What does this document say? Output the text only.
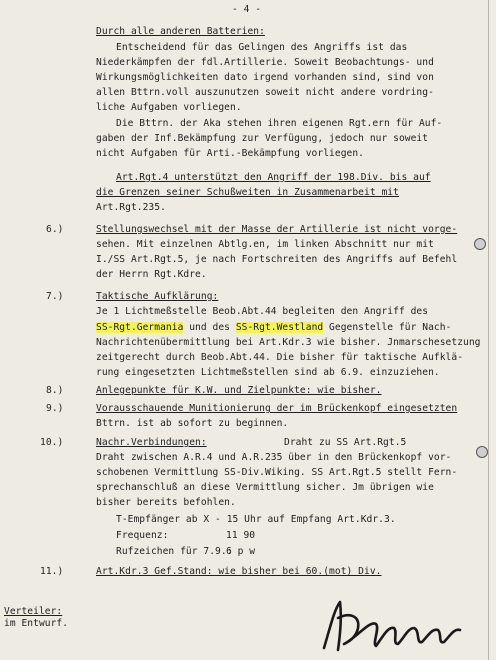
- 4 -
Durch alle anderen Batterien:
Entscheidend für das Gelingen des Angriffs ist das
Niederkämpfen der fdl.Artillerie. Soweit Beobachtungs- und
Wirkungsmöglichkeiten dato irgend vorhanden sind, sind von
allen Bttrn.voll auszunutzen soweit nicht andere vordring-
liche Aufgaben vorliegen.
Die Bttrn. der Aka stehen ihren eigenen Rgt.ern für Auf-
gaben der Inf.Bekämpfung zur Verfügung, jedoch nur soweit
nicht Aufgaben für Arti.-Bekämpfung vorliegen.
Art.Rgt.4 unterstützt den Angriff der 198.Div. bis auf
die Grenzen seiner Schußweiten in Zusammenarbeit mit
Art.Rgt.235.
6.)	Stellungswechsel mit der Masse der Artillerie ist nicht vorge-
sehen. Mit einzelnen Abtlg.en, im linken Abschnitt nur mit
I./SS Art.Rgt.5, je nach Fortschreiten des Angriffs auf Befehl
der Herrn Rgt.Kdre.
7.)	Taktische Aufklärung:
Je 1 Lichtmeßstelle Beob.Abt.44 begleiten den Angriff des
Nachrichtenübermittlung bei Art.Kdr.3 wie bisher. Jnmarschesetzung
zeitgerecht durch Beob.Abt.44. Die bisher für taktische Aufklä-
rung eingesetzten Lichtmeßstellen sind ab 6.9. einzuziehen.
8.)	Anlegepunkte für K.W. und Zielpunkte: wie bisher.
9.)	Vorausschauende Munitionierung der im Brückenkopf eingesetzten
Bttrn. ist ab sofort zu beginnen.
10.)	Nachr.Verbindungen:	Draht zu SS Art.Rgt.5
Draht zwischen A.R.4 und A.R.235 über in den Brückenkopf vor-
schobenen Vermittlung SS-Div.Wiking. SS Art.Rgt.5 stellt Fern-
sprechanschluß an diese Vermittlung sicher. Jm übrigen wie
bisher bereits befohlen.
T-Empfänger ab X - 15 Uhr auf Empfang Art.Kdr.3.
Frequenz:	11 90
Rufzeichen für 7.9.:
6 p w
11.)	Art.Kdr.3 Gef.Stand: wie bisher bei 60.(mot) Div.
Verteiler:
im Entwurf.
SS-Rgt.Germania und des SS-Rgt.Westland Gegenstelle für Nach-
